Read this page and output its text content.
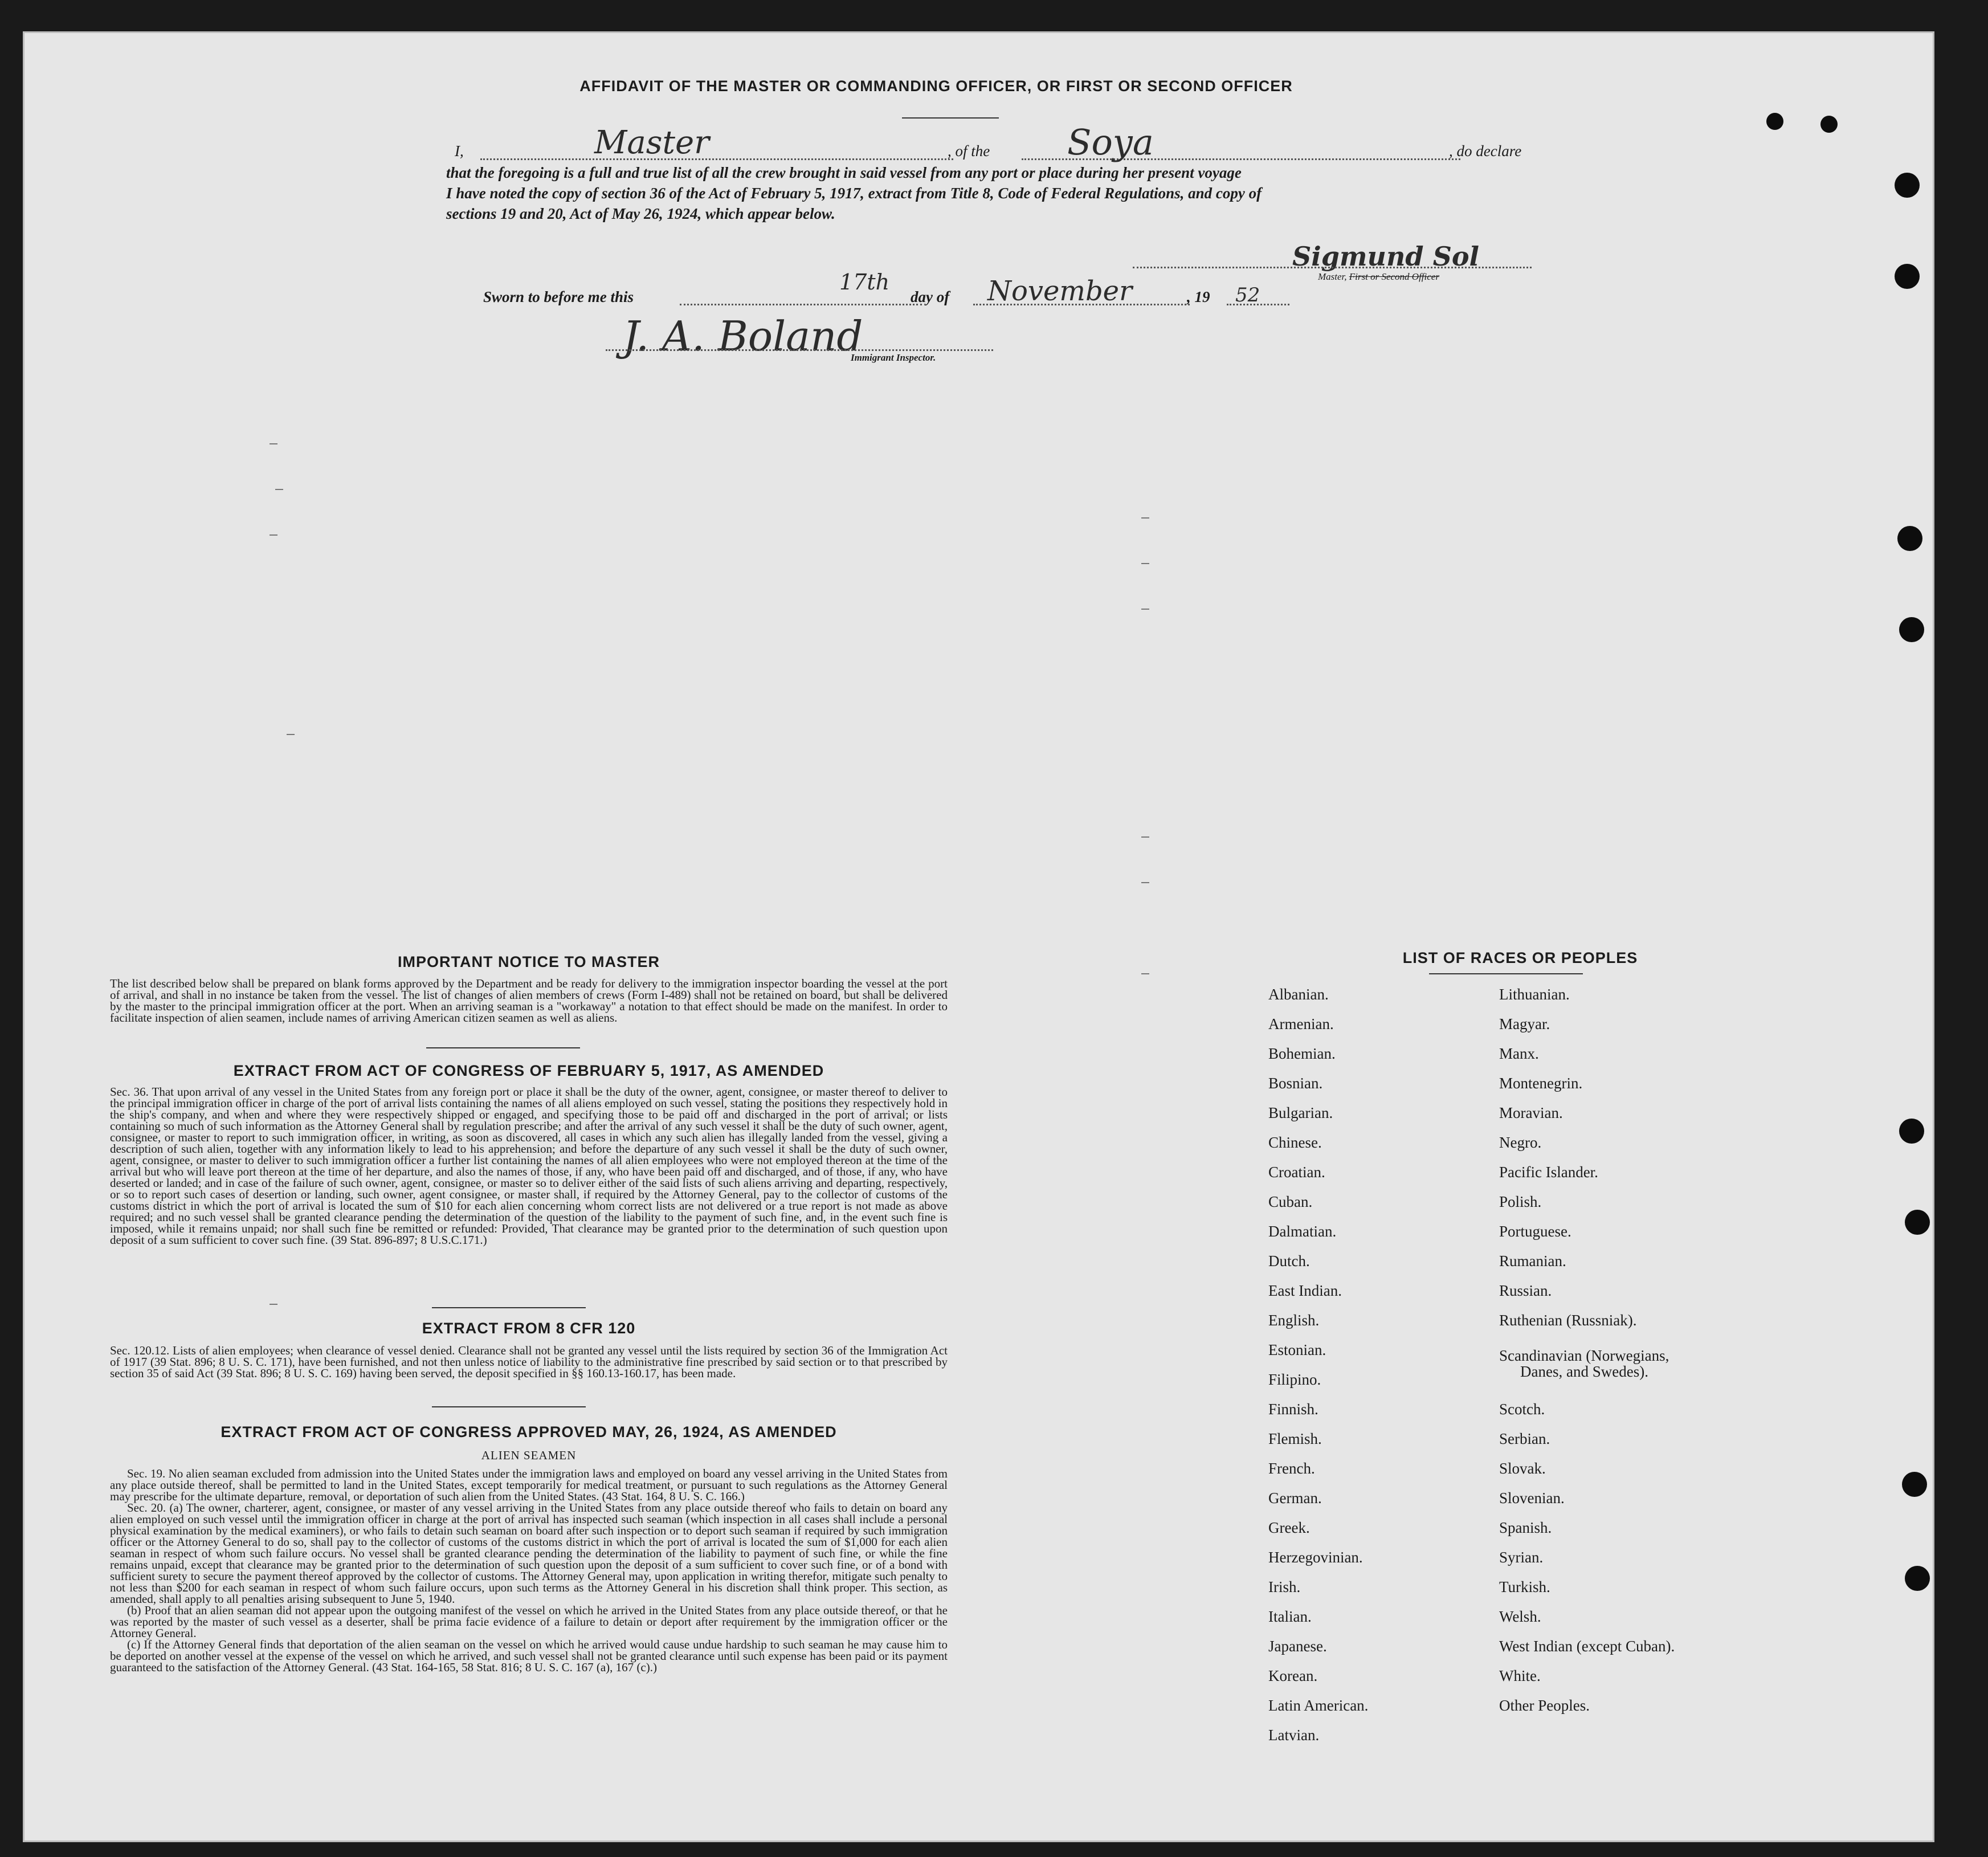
AFFIDAVIT OF THE MASTER OR COMMANDING OFFICER, OR FIRST OR SECOND OFFICER
I,	Master	, of the Soya	, do declare
that the foregoing is a full and true list of all the crew brought in said vessel from any port or place during her present voyage
I have noted the copy of section 36 of the Act of February 5, 1917, extract from Title 8, Code of Federal Regulations, and copy of
sections 19 and 20, Act of May 26, 1924, which appear below.
Sigmund Sol
Master, First or Second Officer
Sworn to before me this
17th
day of November	, 19 52
J. A. Boland
Immigrant Inspector.
IMPORTANT NOTICE TO MASTER
The list described below shall be prepared on blank forms approved by the Department and be ready for delivery to the immigration inspector boarding the vessel at the port of arrival, and shall in no instance be taken from the vessel. The list of changes of alien members of crews (Form I-489) shall not be retained on board, but shall be delivered by the master to the principal immigration officer at the port. When an arriving seaman is a "workaway" a notation to that effect should be made on the manifest. In order to facilitate inspection of alien seamen, include names of arriving American citizen seamen as well as aliens.
EXTRACT FROM ACT OF CONGRESS OF FEBRUARY 5, 1917, AS AMENDED
Sec. 36. That upon arrival of any vessel in the United States from any foreign port or place it shall be the duty of the owner, agent, consignee, or master thereof to deliver to the principal immigration officer in charge of the port of arrival lists containing the names of all aliens employed on such vessel, stating the positions they respectively hold in the ship's company, and when and where they were respectively shipped or engaged, and specifying those to be paid off and discharged in the port of arrival; or lists containing so much of such information as the Attorney General shall by regulation prescribe; and after the arrival of any such vessel it shall be the duty of such owner, agent, consignee, or master to report to such immigration officer, in writing, as soon as discovered, all cases in which any such alien has illegally landed from the vessel, giving a description of such alien, together with any information likely to lead to his apprehension; and before the departure of any such vessel it shall be the duty of such owner, agent, consignee, or master to deliver to such immigration officer a further list containing the names of all alien employees who were not employed thereon at the time of the arrival but who will leave port thereon at the time of her departure, and also the names of those, if any, who have been paid off and discharged, and of those, if any, who have deserted or landed; and in case of the failure of such owner, agent, consignee, or master so to deliver either of the said lists of such aliens arriving and departing, respectively, or so to report such cases of desertion or landing, such owner, agent consignee, or master shall, if required by the Attorney General, pay to the collector of customs of the customs district in which the port of arrival is located the sum of $10 for each alien concerning whom correct lists are not delivered or a true report is not made as above required; and no such vessel shall be granted clearance pending the determination of the question of the liability to the payment of such fine, and, in the event such fine is imposed, while it remains unpaid; nor shall such fine be remitted or refunded: Provided, That clearance may be granted prior to the determination of such question upon deposit of a sum sufficient to cover such fine. (39 Stat. 896-897; 8 U.S.C.171.)
EXTRACT FROM 8 CFR 120
Sec. 120.12. Lists of alien employees; when clearance of vessel denied. Clearance shall not be granted any vessel until the lists required by section 36 of the Immigration Act of 1917 (39 Stat. 896; 8 U. S. C. 171), have been furnished, and not then unless notice of liability to the administrative fine prescribed by said section or to that prescribed by section 35 of said Act (39 Stat. 896; 8 U. S. C. 169) having been served, the deposit specified in §§ 160.13-160.17, has been made.
EXTRACT FROM ACT OF CONGRESS APPROVED MAY, 26, 1924, AS AMENDED
ALIEN SEAMEN

Sec. 19. No alien seaman excluded from admission into the United States under the immigration laws and employed on board any vessel arriving in the United States from any place outside thereof, shall be permitted to land in the United States, except temporarily for medical treatment, or pursuant to such regulations as the Attorney General may prescribe for the ultimate departure, removal, or deportation of such alien from the United States. (43 Stat. 164, 8 U. S. C. 166.)

Sec. 20. (a) The owner, charterer, agent, consignee, or master of any vessel arriving in the United States from any place outside thereof who fails to detain on board any alien employed on such vessel until the immigration officer in charge at the port of arrival has inspected such seaman (which inspection in all cases shall include a personal physical examination by the medical examiners), or who fails to detain such seaman on board after such inspection or to deport such seaman if required by such immigration officer or the Attorney General to do so, shall pay to the collector of customs of the customs district in which the port of arrival is located the sum of $1,000 for each alien seaman in respect of whom such failure occurs. No vessel shall be granted clearance pending the determination of the liability to payment of such fine, or while the fine remains unpaid, except that clearance may be granted prior to the determination of such question upon the deposit of a sum sufficient to cover such fine, or of a bond with sufficient surety to secure the payment thereof approved by the collector of customs. The Attorney General may, upon application in writing therefor, mitigate such penalty to not less than $200 for each seaman in respect of whom such failure occurs, upon such terms as the Attorney General in his discretion shall think proper. This section, as amended, shall apply to all penalties arising subsequent to June 5, 1940.

(b) Proof that an alien seaman did not appear upon the outgoing manifest of the vessel on which he arrived in the United States from any place outside thereof, or that he was reported by the master of such vessel as a deserter, shall be prima facie evidence of a failure to detain or deport after requirement by the immigration officer or the Attorney General.

(c) If the Attorney General finds that deportation of the alien seaman on the vessel on which he arrived would cause undue hardship to such seaman he may cause him to be deported on another vessel at the expense of the vessel on which he arrived, and such vessel shall not be granted clearance until such expense has been paid or its payment guaranteed to the satisfaction of the Attorney General. (43 Stat. 164-165, 58 Stat. 816; 8 U. S. C. 167 (a), 167 (c).)

LIST OF RACES OR PEOPLES
Albanian.
Armenian.
Bohemian.
Bosnian.
Bulgarian.
Chinese.
Croatian.
Cuban.
Dalmatian.
Dutch.
East Indian.
English.
Estonian.
Filipino.
Finnish.
Flemish.
French.
German.
Greek.
Herzegovinian.
Irish.
Italian.
Japanese.
Korean.
Latin American.
Latvian.
Lithuanian.
Magyar.
Manx.
Montenegrin.
Moravian.
Negro.
Pacific Islander.
Polish.
Portuguese.
Rumanian.
Russian.
Ruthenian (Russniak).
Scandinavian (Norwegians,
Danes, and Swedes).
Scotch.
Serbian.
Slovak.
Slovenian.
Spanish.
Syrian.
Turkish.
Welsh.
West Indian (except Cuban).
White.
Other Peoples.
